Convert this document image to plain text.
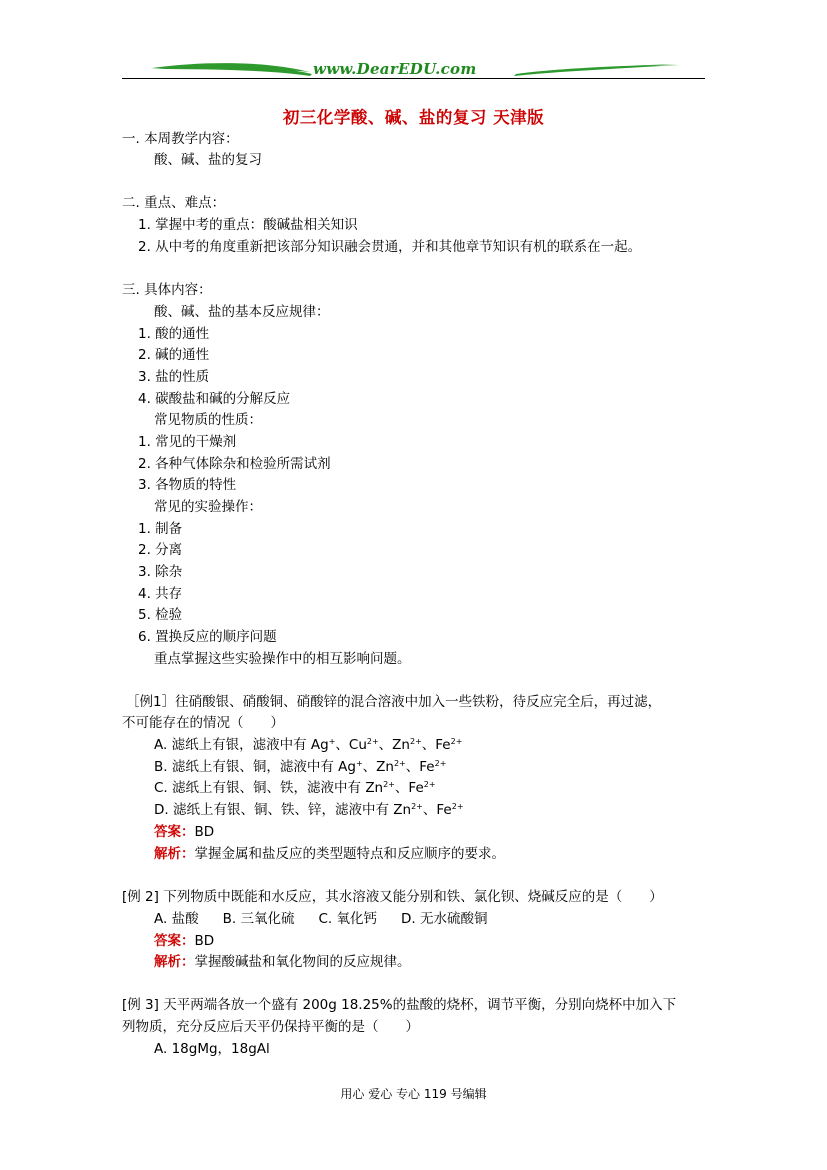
www.DearEDU.com
初三化学酸、碱、盐的复习 天津版
一. 本周教学内容：
酸、碱、盐的复习
二. 重点、难点：
1. 掌握中考的重点：酸碱盐相关知识
2. 从中考的角度重新把该部分知识融会贯通，并和其他章节知识有机的联系在一起。
三. 具体内容：
酸、碱、盐的基本反应规律：
1. 酸的通性
2. 碱的通性
3. 盐的性质
4. 碳酸盐和碱的分解反应
常见物质的性质：
1. 常见的干燥剂
2. 各种气体除杂和检验所需试剂
3. 各物质的特性
常见的实验操作：
1. 制备
2. 分离
3. 除杂
4. 共存
5. 检验
6. 置换反应的顺序问题
重点掌握这些实验操作中的相互影响问题。
［例1］往硝酸银、硝酸铜、硝酸锌的混合溶液中加入一些铁粉，待反应完全后，再过滤，
不可能存在的情况（　　）
A. 滤纸上有银，滤液中有 Ag+、$Cu^{2+}$、$Zn^{2+}$、$Fe^{2+}$
B. 滤纸上有银、铜，滤液中有 Ag+、$Zn^{2+}$、$Fe^{2+}$
C. 滤纸上有银、铜、铁，滤液中有 $Zn^{2+}$、$Fe^{2+}$
D. 滤纸上有银、铜、铁、锌，滤液中有 $Zn^{2+}$、$Fe^{2+}$
答案：BD
解析：掌握金属和盐反应的类型题特点和反应顺序的要求。
[例 2] 下列物质中既能和水反应，其水溶液又能分别和铁、氯化钡、烧碱反应的是（　　）
A. 盐酸 B. 三氧化硫 C. 氧化钙 D. 无水硫酸铜
答案：BD
解析：掌握酸碱盐和氧化物间的反应规律。
[例 3] 天平两端各放一个盛有 200g 18.25%的盐酸的烧杯，调节平衡，分别向烧杯中加入下
列物质，充分反应后天平仍保持平衡的是（　　）
A. 18gMg，18gAl
用心 爱心 专心 119 号编辑
